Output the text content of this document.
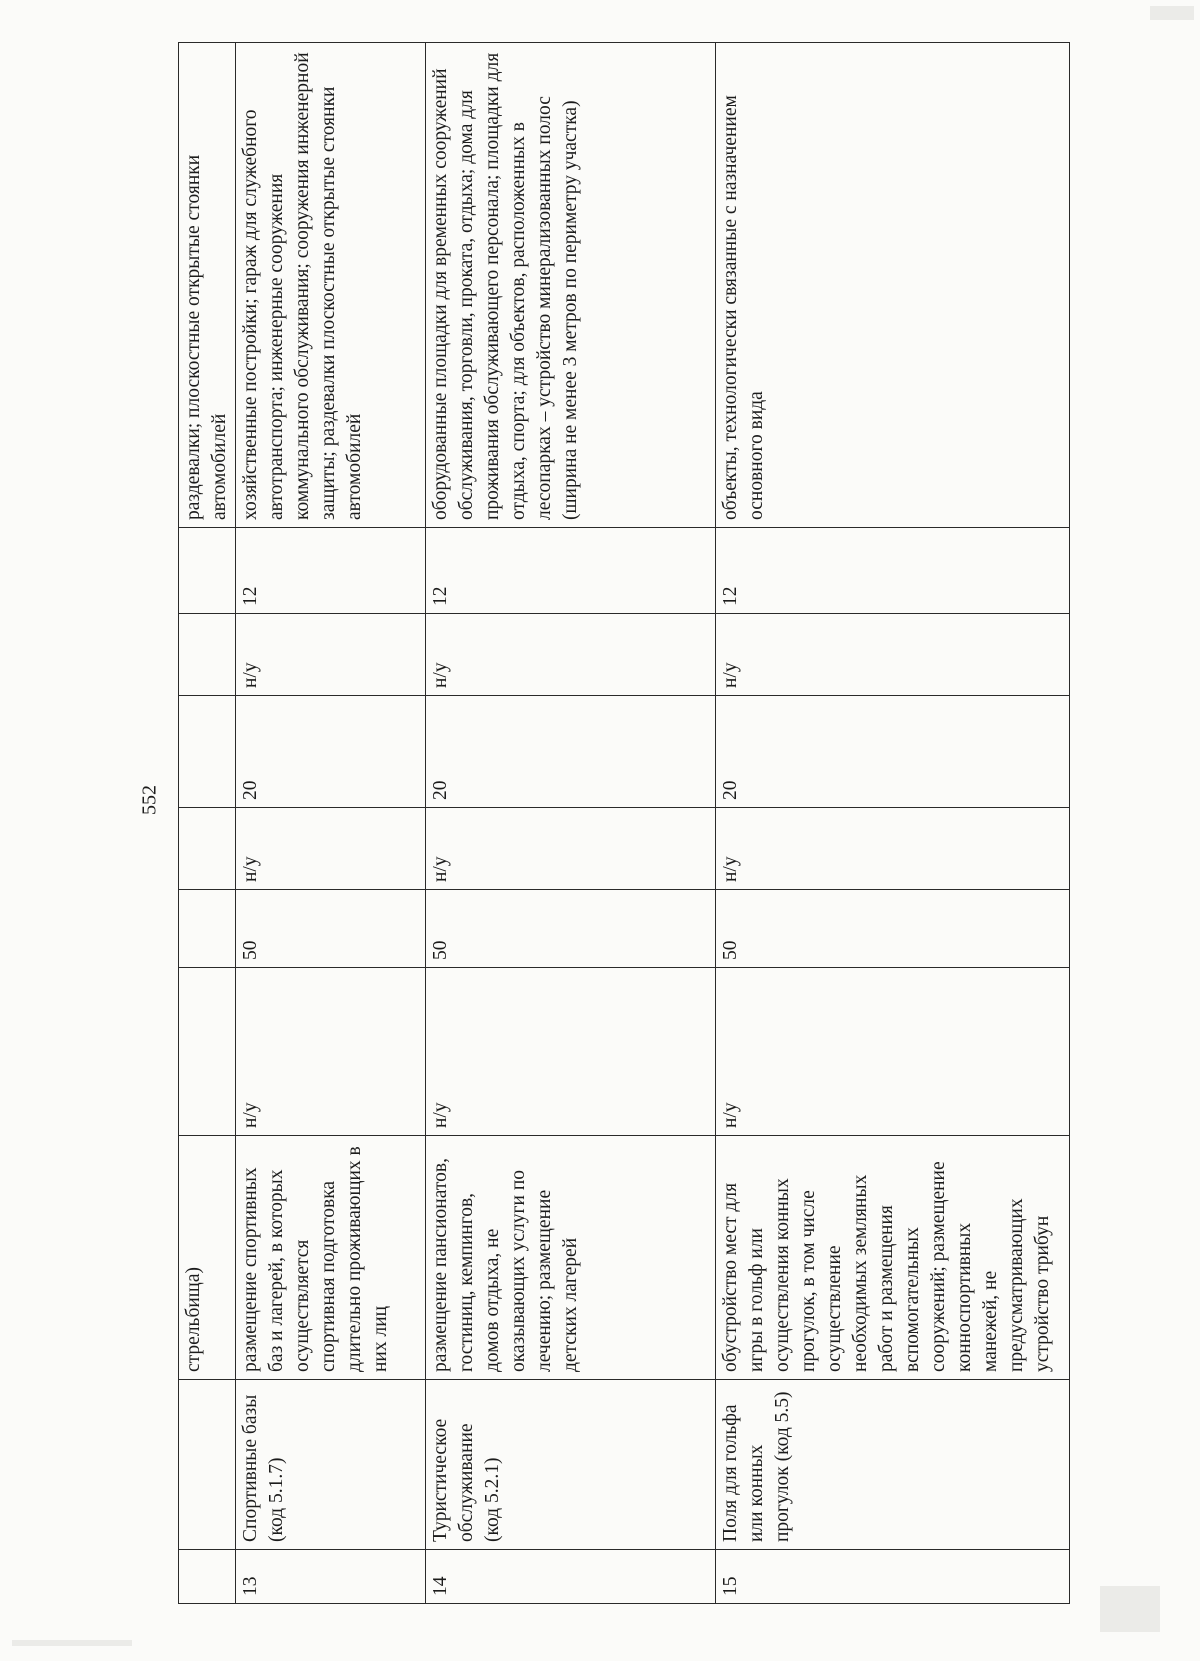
552
		стрельбища)							раздевалки; плоскостные открытые стоянки автомобилей
13	Спортивные базы (код 5.1.7)	размещение спортивных баз и лагерей, в которых осуществляется спортивная подготовка длительно проживающих в них лиц	н/у	50	н/у	20	н/у	12	хозяйственные постройки; гараж для служебного автотранспорта; инженерные сооружения коммунального обслуживания; сооружения инженерной защиты; раздевалки плоскостные открытые стоянки автомобилей
14	Туристическое обслуживание (код 5.2.1)	размещение пансионатов, гостиниц, кемпингов, домов отдыха, не оказывающих услуги по лечению; размещение детских лагерей	н/у	50	н/у	20	н/у	12	оборудованные площадки для временных сооружений обслуживания, торговли, проката, отдыха; дома для проживания обслуживающего персонала; площадки для отдыха, спорта; для объектов, расположенных в лесопарках – устройство минерализованных полос (ширина не менее 3 метров по периметру участка)
15	Поля для гольфа или конных прогулок (код 5.5)	обустройство мест для игры в гольф или осуществления конных прогулок, в том числе осуществление необходимых земляных работ и размещения вспомогательных сооружений; размещение конноспортивных манежей, не предусматривающих устройство трибун	н/у	50	н/у	20	н/у	12	объекты, технологически связанные с назначением основного вида
